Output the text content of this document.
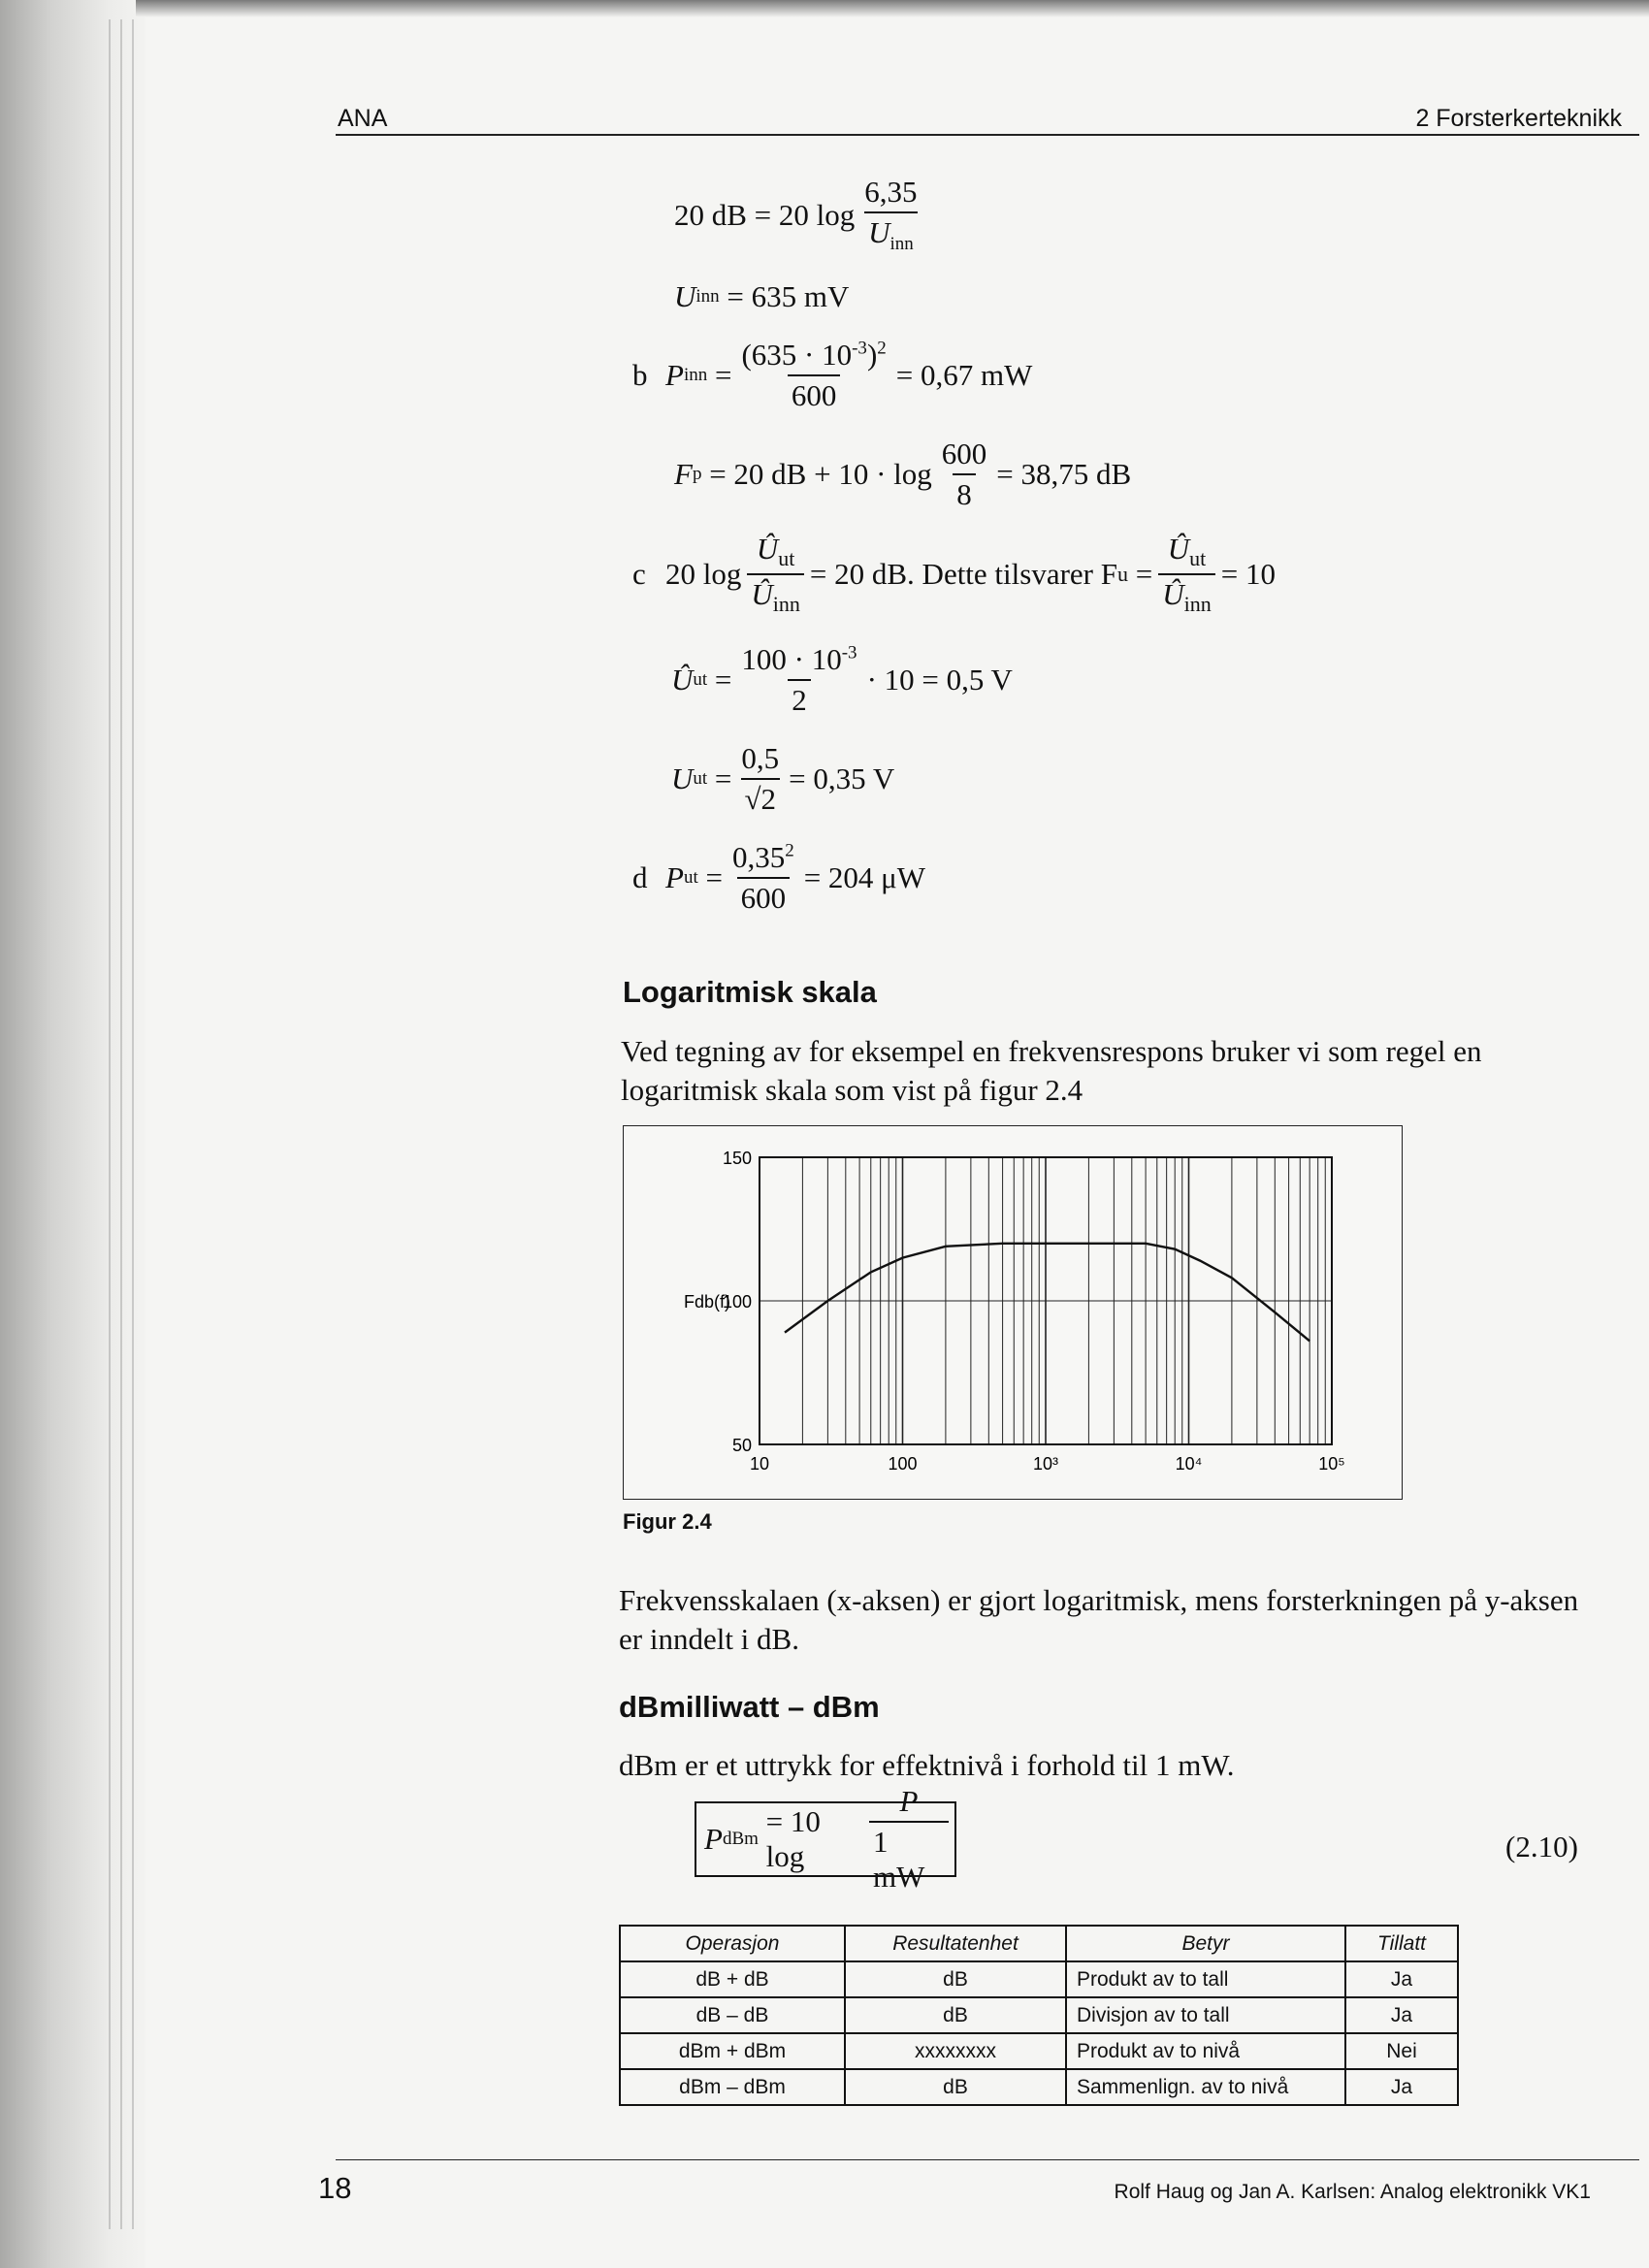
ANA	2 Forsterkerteknikk
20 dB = 20 $\log \frac{6,35}{U_{inn}}$
U inn
= 635 mV
b P inn = $\frac{(635 \cdot 10^{-3})^2}{600} = 0,67$ mW
F p
= 20 dB + $10 \cdot \log \frac{600}{8} = 38,75$ dB
c 20 $\log \frac{Û_{ut}}{Û_{inn}} = 20$ dB. Dette tilsvarer F u
= $\frac{Û_{ut}}{Û_{inn}} = 10$
Û ut = $\frac{100 \cdot 10^{-3}}{2} \cdot 10 = 0,5$ V
U ut = $\frac{0,5}{√2} = 0,35$ V
d P ut = $\frac{0,35^2}{600} = 204$ μW
Logaritmisk skala

Ved tegning av for eksempel en frekvensrespons bruker vi som regel en logaritmisk skala som vist på figur 2.4

50
100
150
10	100	10³	10⁴	10⁵
Fdb(f)
Figur 2.4

Frekvensskalaen (x-aksen) er gjort logaritmisk, mens forsterkningen på y-aksen er inndelt i dB.

dBmilliwatt – dBm

dBm er et uttrykk for effektnivå i forhold til 1 mW.

P dBm

= 10 log	$\frac{P}{1 mW}$	(2.10)
Operasjon	Resultatenhet	Betyr	Tillatt
dB + dB	dB	Produkt av to tall	Ja
dB – dB	dB	Divisjon av to tall	Ja
dBm + dBm	xxxxxxxx	Produkt av to nivå	Nei
dBm – dBm	dB	Sammenlign. av to nivå	Ja
18	Rolf Haug og Jan A. Karlsen: Analog elektronikk VK1
